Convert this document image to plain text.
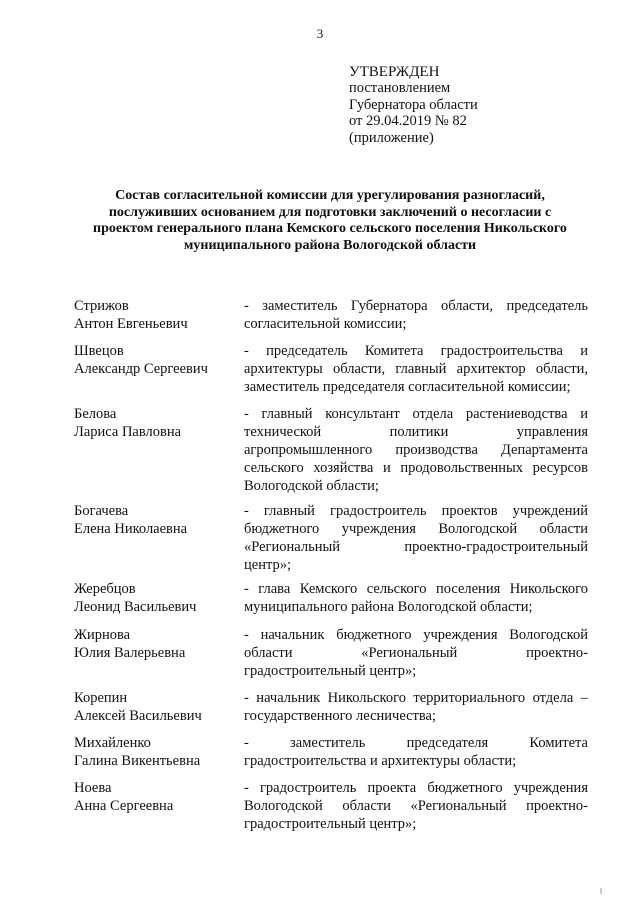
3
УТВЕРЖДЕН
постановлением
Губернатора области
от 29.04.2019 № 82
(приложение)
Состав согласительной комиссии для урегулирования разногласий,
послуживших основанием для подготовки заключений о несогласии с
проектом генерального плана Кемского сельского поселения Никольского
муниципального района Вологодской области
Стрижов
Антон Евгеньевич
- заместитель Губернатора области, председатель
согласительной комиссии;
Швецов
Александр Сергеевич
- председатель Комитета градостроительства и
архитектуры области, главный архитектор области,
заместитель председателя согласительной комиссии;
Белова
Лариса Павловна
- главный консультант отдела растениеводства и
технической политики управления
агропромышленного производства Департамента
сельского хозяйства и продовольственных ресурсов
Вологодской области;
Богачева
Елена Николаевна
- главный градостроитель проектов учреждений
бюджетного учреждения Вологодской области
«Региональный проектно-градостроительный
центр»;
Жеребцов
Леонид Васильевич
- глава Кемского сельского поселения Никольского
муниципального района Вологодской области;
Жирнова
Юлия Валерьевна
- начальник бюджетного учреждения Вологодской
области «Региональный проектно-
градостроительный центр»;
Корепин
Алексей Васильевич
- начальник Никольского территориального отдела –
государственного лесничества;
Михайленко
Галина Викентьевна
- заместитель председателя Комитета
градостроительства и архитектуры области;
Ноева
Анна Сергеевна
- градостроитель проекта бюджетного учреждения
Вологодской области «Региональный проектно-
градостроительный центр»;
